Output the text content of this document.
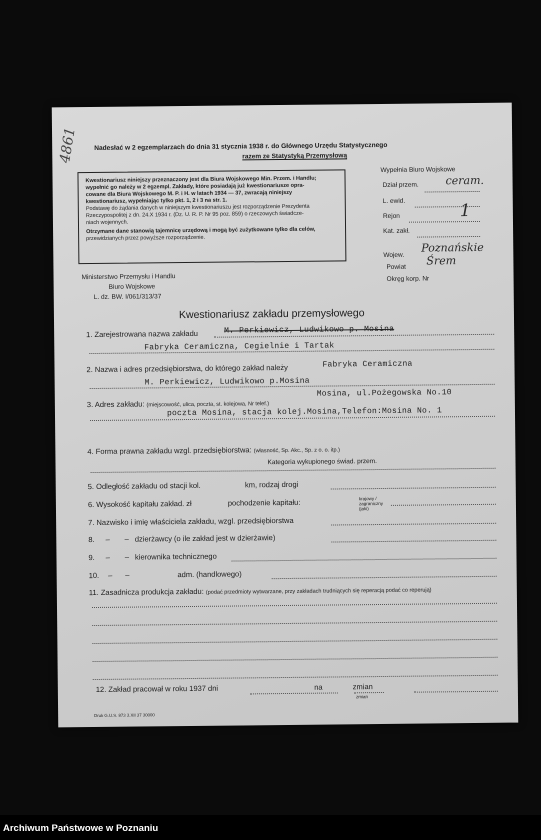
4861 Nadesłać w 2 egzemplarzach do dnia 31 stycznia 1938 r. do Głównego Urzędu Statystycznego
razem ze Statystyką Przemysłową
Kwestionariusz niniejszy przeznaczony jest dla Biura Wojskowego Min. Przem. i Handlu;
wypełnić go należy w 2 egzempl. Zakłady, które posiadają już kwestionariusze opra-
cowane dla Biura Wojskowego M. P. i H. w latach 1934 — 37, zwracają niniejszy
kwestionariusz, wypełniając tylko pkt. 1, 2 i 3 na str. 1.
Podstawę do żądania danych w niniejszym kwestionariuszu jest rozporządzenie Prezydenta
Rzeczypospolitej z dn. 24.X 1934 r. (Dz. U. R. P. Nr 95 poz. 859) o rzeczowych świadcze-
niach wojennych.
Otrzymane dane stanowią tajemnicę urzędową i mogą być zużytkowane tylko dla celów,
przewidzianych przez powyższe rozporządzenie.
Wypełnia Biuro Wojskowe
Dział przem. ceram.
L. ewid.
Rejon	1
Kat. zakł.
Wojew.
Poznańskie
Powiat Śrem
Okręg korp. Nr
Ministerstwo Przemysłu i Handlu
Biuro Wojskowe
L. dz. BW. I/061/313/37
Kwestionariusz zakładu przemysłowego
1. Zarejestrowana nazwa zakładu	M. Perkiewicz, Ludwikowo p. Mosina
Fabryka Ceramiczna, Cegielnie i Tartak
2. Nazwa i adres przedsiębiorstwa, do którego zakład należy	Fabryka Ceramiczna
M. Perkiewicz, Ludwikowo p.Mosina
3. Adres zakładu: (miejscowość, ulica, poczta, st. kolejowa, Nr telef.)
Mosina, ul.Pożegowska No.10
poczta Mosina, stacja kolej.Mosina,Telefon:Mosina No. 1
4. Forma prawna zakładu wzgl. przedsiębiorstwa: (własność, Sp. Akc., Sp. z o. o. itp.)
Kategoria wykupionego świad. przem.
5. Odległość zakładu od stacji kol.	km, rodzaj drogi
6. Wysokość kapitału zakład. zł	pochodzenie kapitału:	krajowy / zagraniczny (jaki)
7. Nazwisko i imię właściciela zakładu, wzgl. przedsiębiorstwa
8. – – dzierżawcy (o ile zakład jest w dzierżawie)
9. – – kierownika technicznego
10. – –	adm. (handlowego)
11. Zasadnicza produkcja zakładu: (podać przedmioty wytwarzane, przy zakładach trudniących się reperacją podać co reperują)
12. Zakład pracował w roku 1937 dni	na	zmian
zmian
Druk G.U.S. 873 3.XII 37 30000
Archiwum Państwowe w Poznaniu
